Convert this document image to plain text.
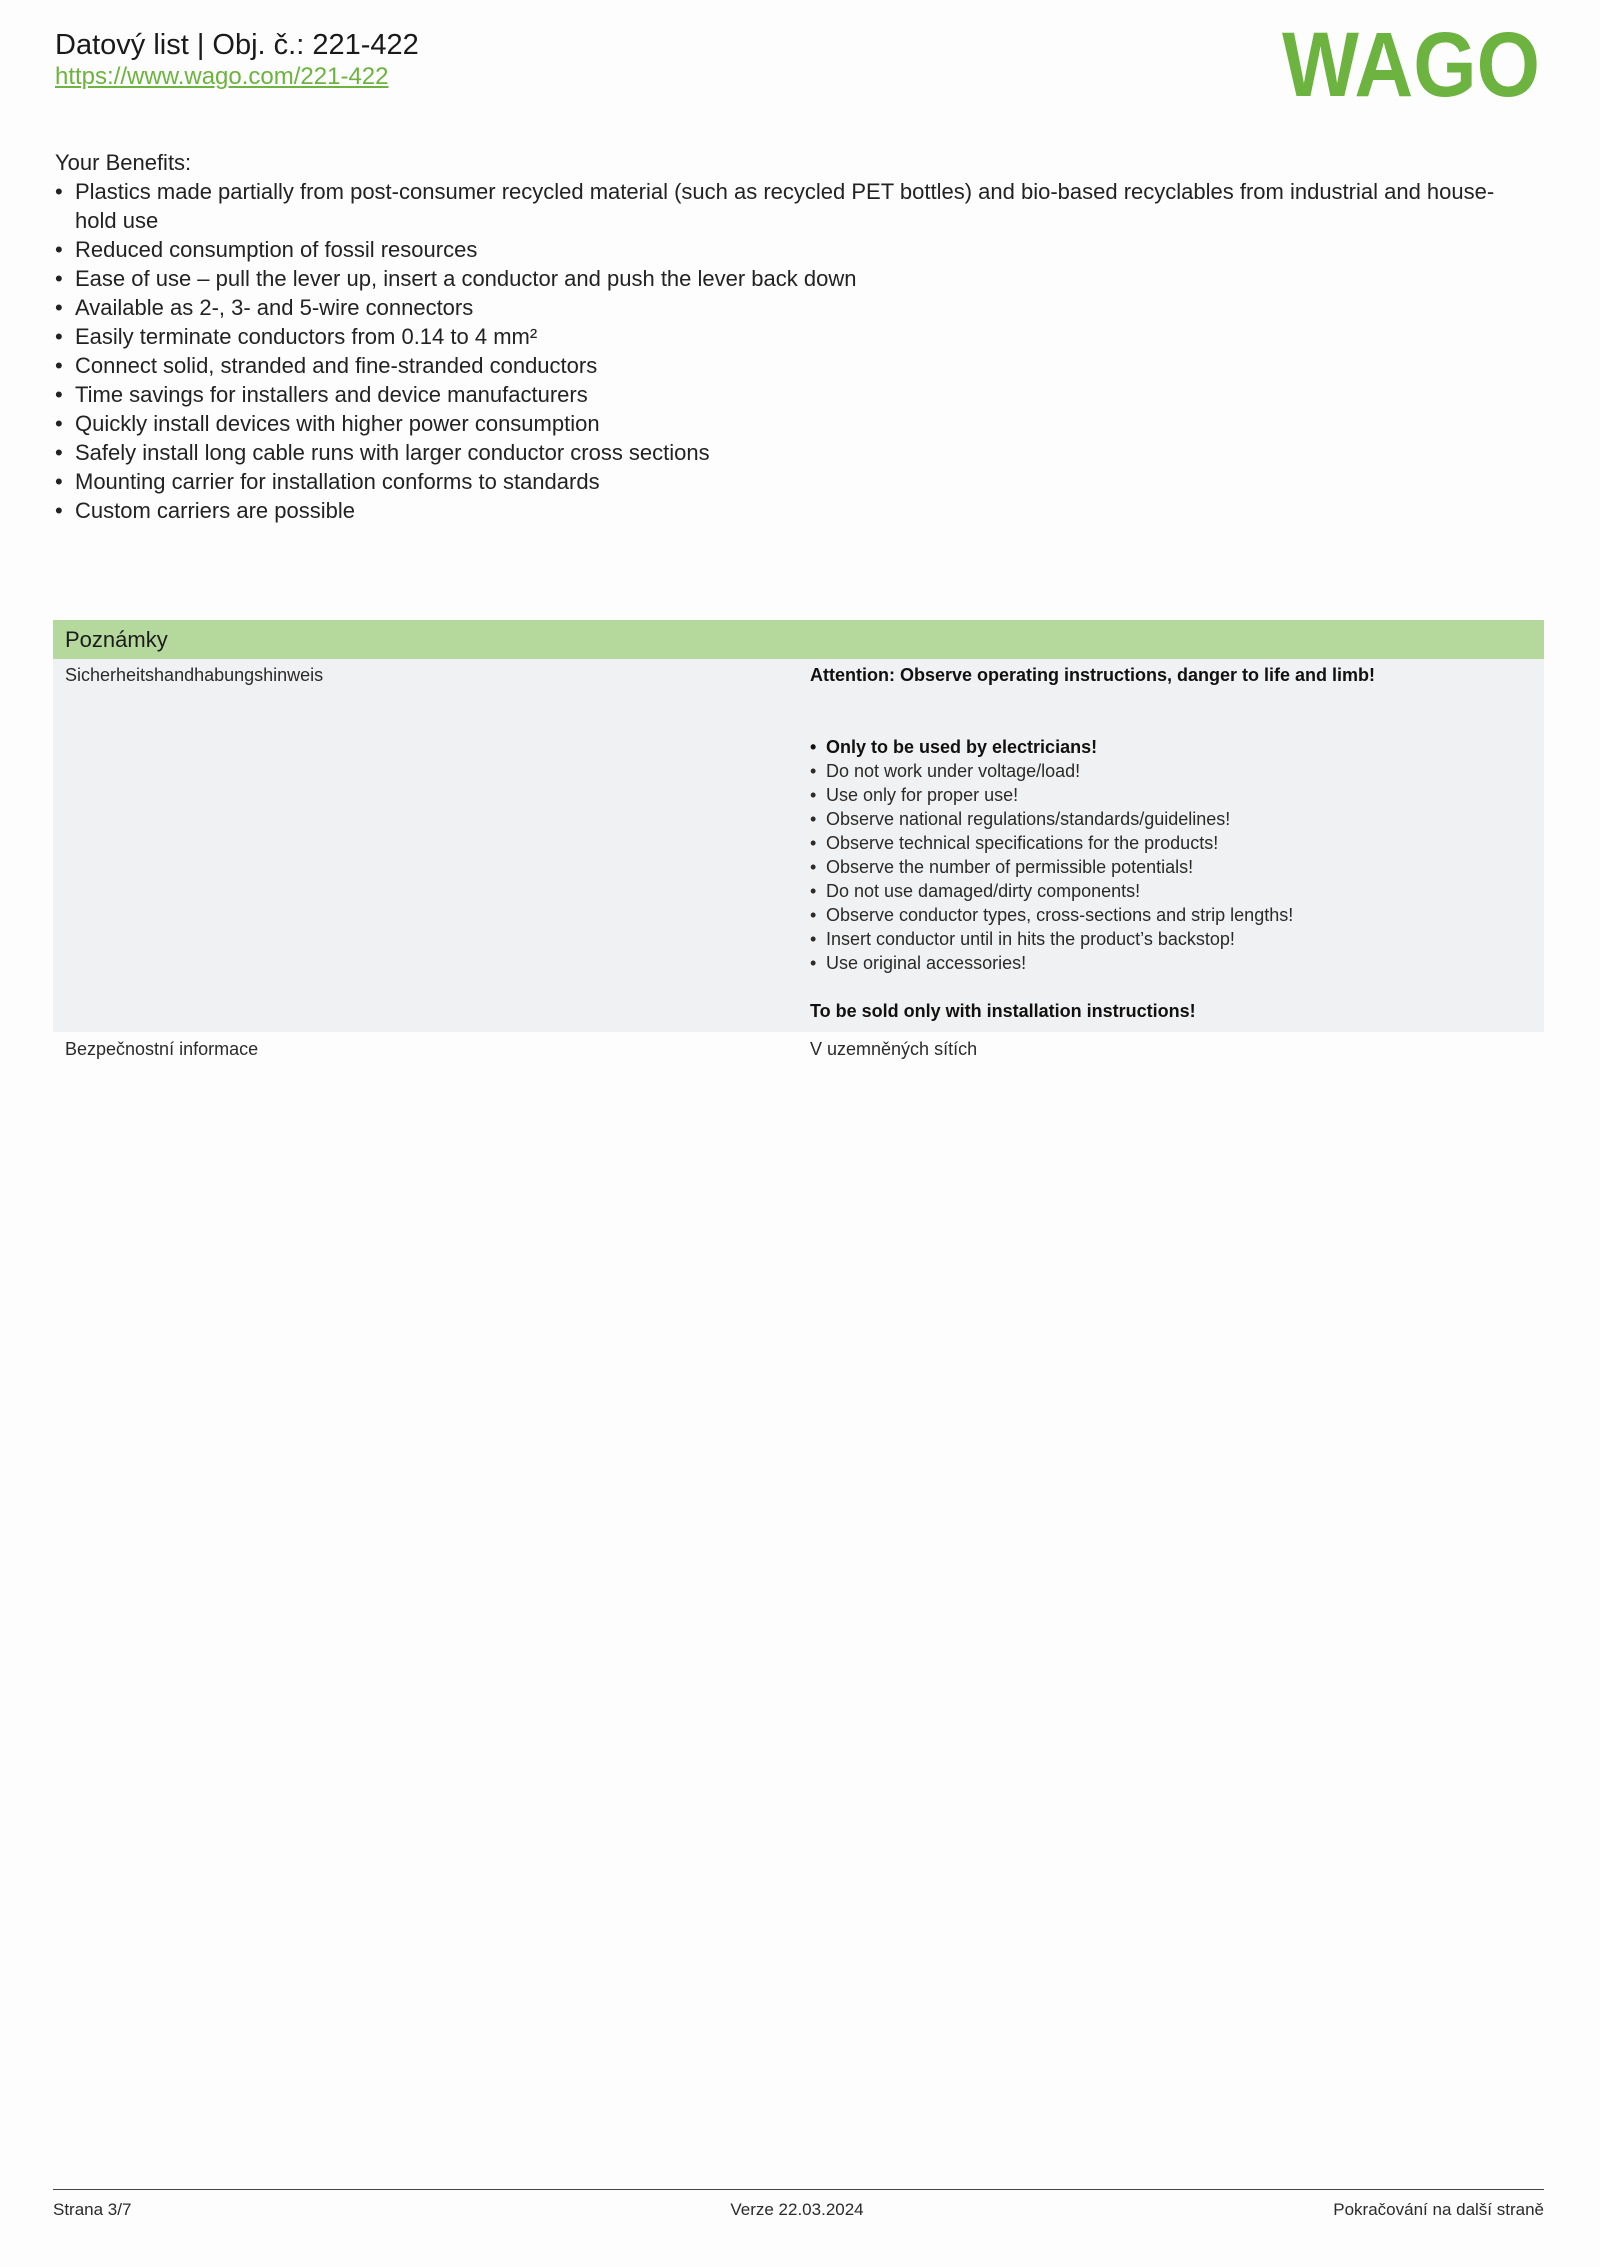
Datový list | Obj. č.: 221-422
https://www.wago.com/221-422	WAGO
Your Benefits:
• Plastics made partially from post-consumer recycled material (such as recycled PET bottles) and bio-based recyclables from industrial and house-hold use
• Reduced consumption of fossil resources
• Ease of use – pull the lever up, insert a conductor and push the lever back down
• Available as 2-, 3- and 5-wire connectors
• Easily terminate conductors from 0.14 to 4 mm²
• Connect solid, stranded and fine-stranded conductors
• Time savings for installers and device manufacturers
• Quickly install devices with higher power consumption
• Safely install long cable runs with larger conductor cross sections
• Mounting carrier for installation conforms to standards
• Custom carriers are possible
Poznámky
Sicherheitshandhabungshinweis	Attention: Observe operating instructions, danger to life and limb!
• Only to be used by electricians!
• Do not work under voltage/load!
• Use only for proper use!
• Observe national regulations/standards/guidelines!
• Observe technical specifications for the products!
• Observe the number of permissible potentials!
• Do not use damaged/dirty components!
• Observe conductor types, cross-sections and strip lengths!
• Insert conductor until in hits the product’s backstop!
• Use original accessories!
To be sold only with installation instructions!
Bezpečnostní informace	V uzemněných sítích
Strana 3/7	Verze 22.03.2024	Pokračování na další straně
